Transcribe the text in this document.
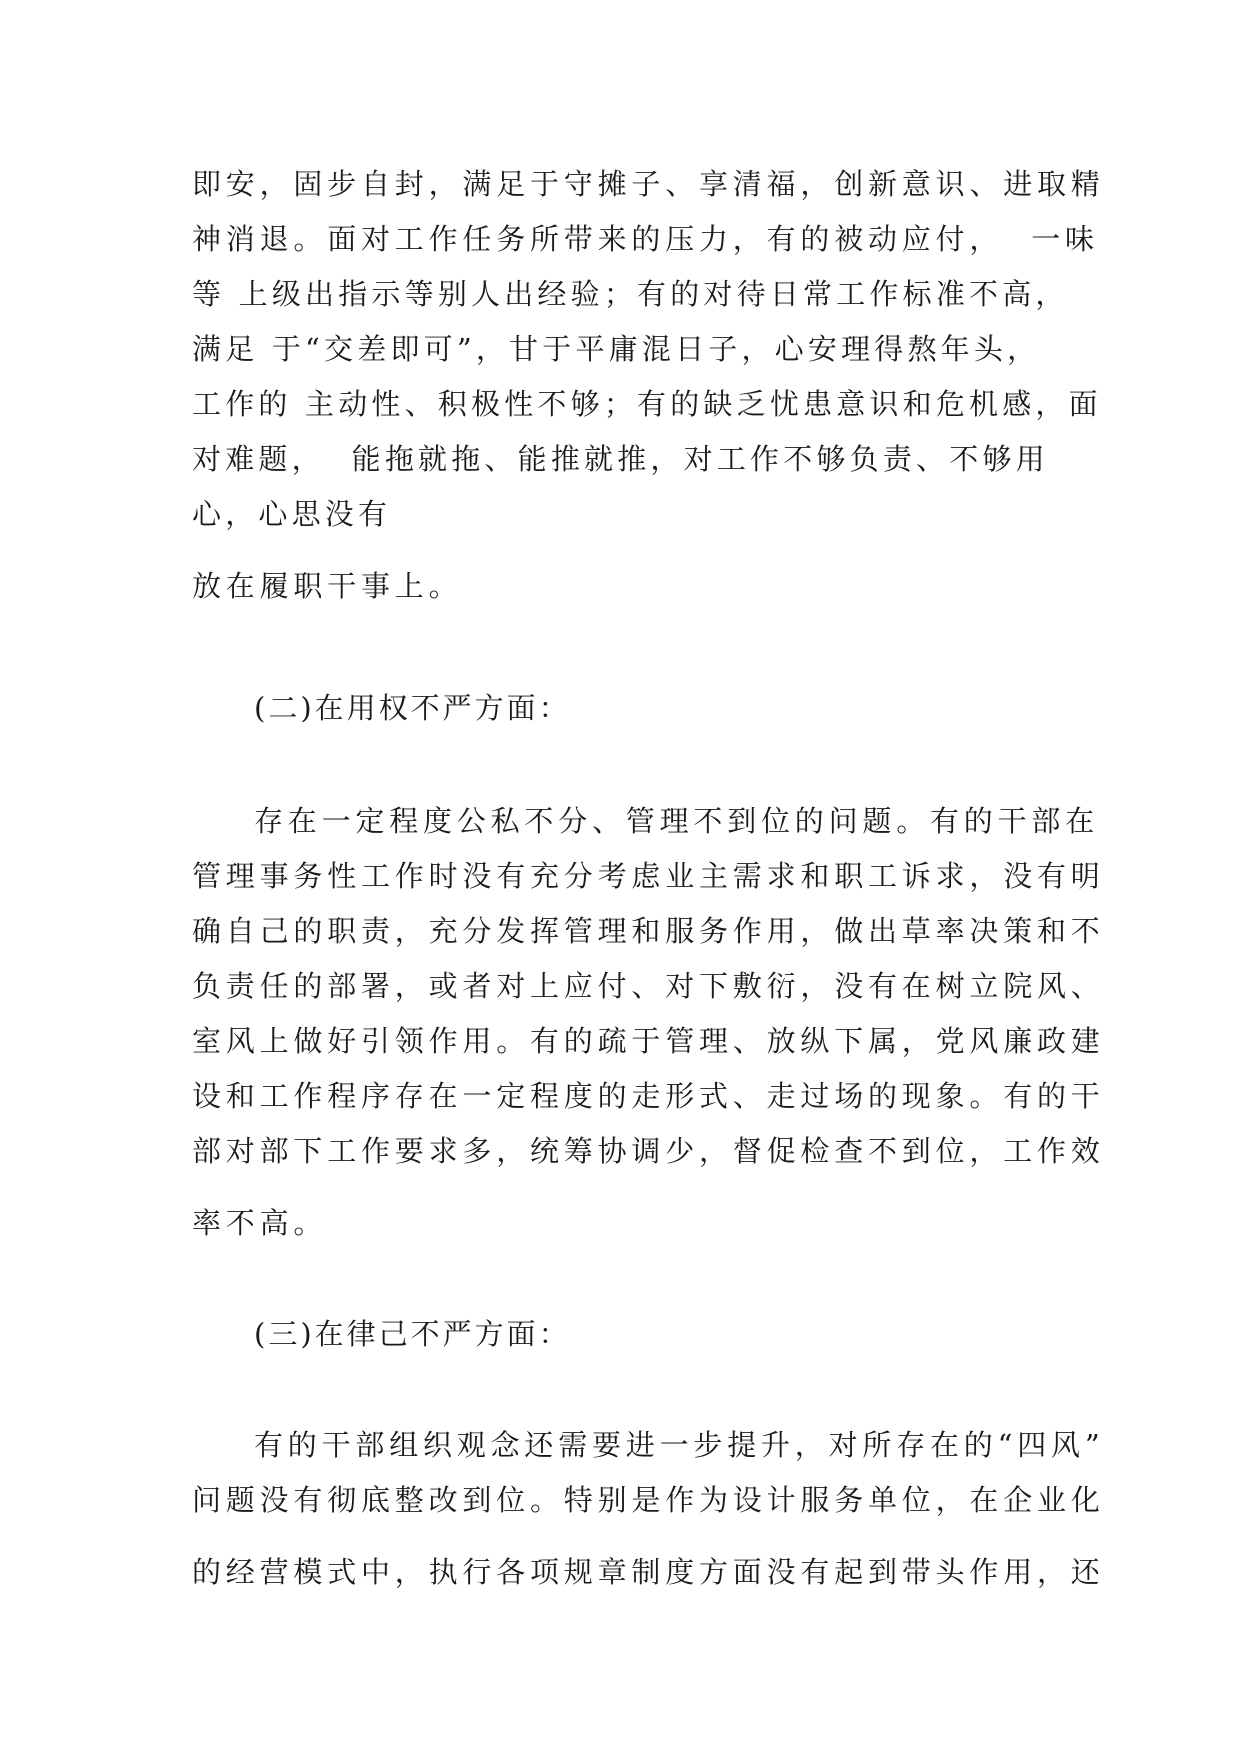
即安，固步自封，满足于守摊子、享清福，创新意识、进取精
神消退。面对工作任务所带来的压力，有的被动应付，  一味
等 上级出指示等别人出经验；有的对待日常工作标准不高，
满足 于“交差即可”，甘于平庸混日子，心安理得熬年头，
工作的 主动性、积极性不够；有的缺乏忧患意识和危机感，面
对难题，  能拖就拖、能推就推，对工作不够负责、不够用
心，心思没有
放在履职干事上。
(二)在用权不严方面：
存在一定程度公私不分、管理不到位的问题。有的干部在
管理事务性工作时没有充分考虑业主需求和职工诉求，没有明
确自己的职责，充分发挥管理和服务作用，做出草率决策和不
负责任的部署，或者对上应付、对下敷衍，没有在树立院风、
室风上做好引领作用。有的疏于管理、放纵下属，党风廉政建
设和工作程序存在一定程度的走形式、走过场的现象。有的干
部对部下工作要求多，统筹协调少，督促检查不到位，工作效
率不高。
(三)在律己不严方面：
有的干部组织观念还需要进一步提升，对所存在的“四风”
问题没有彻底整改到位。特别是作为设计服务单位，在企业化
的经营模式中，执行各项规章制度方面没有起到带头作用，还
